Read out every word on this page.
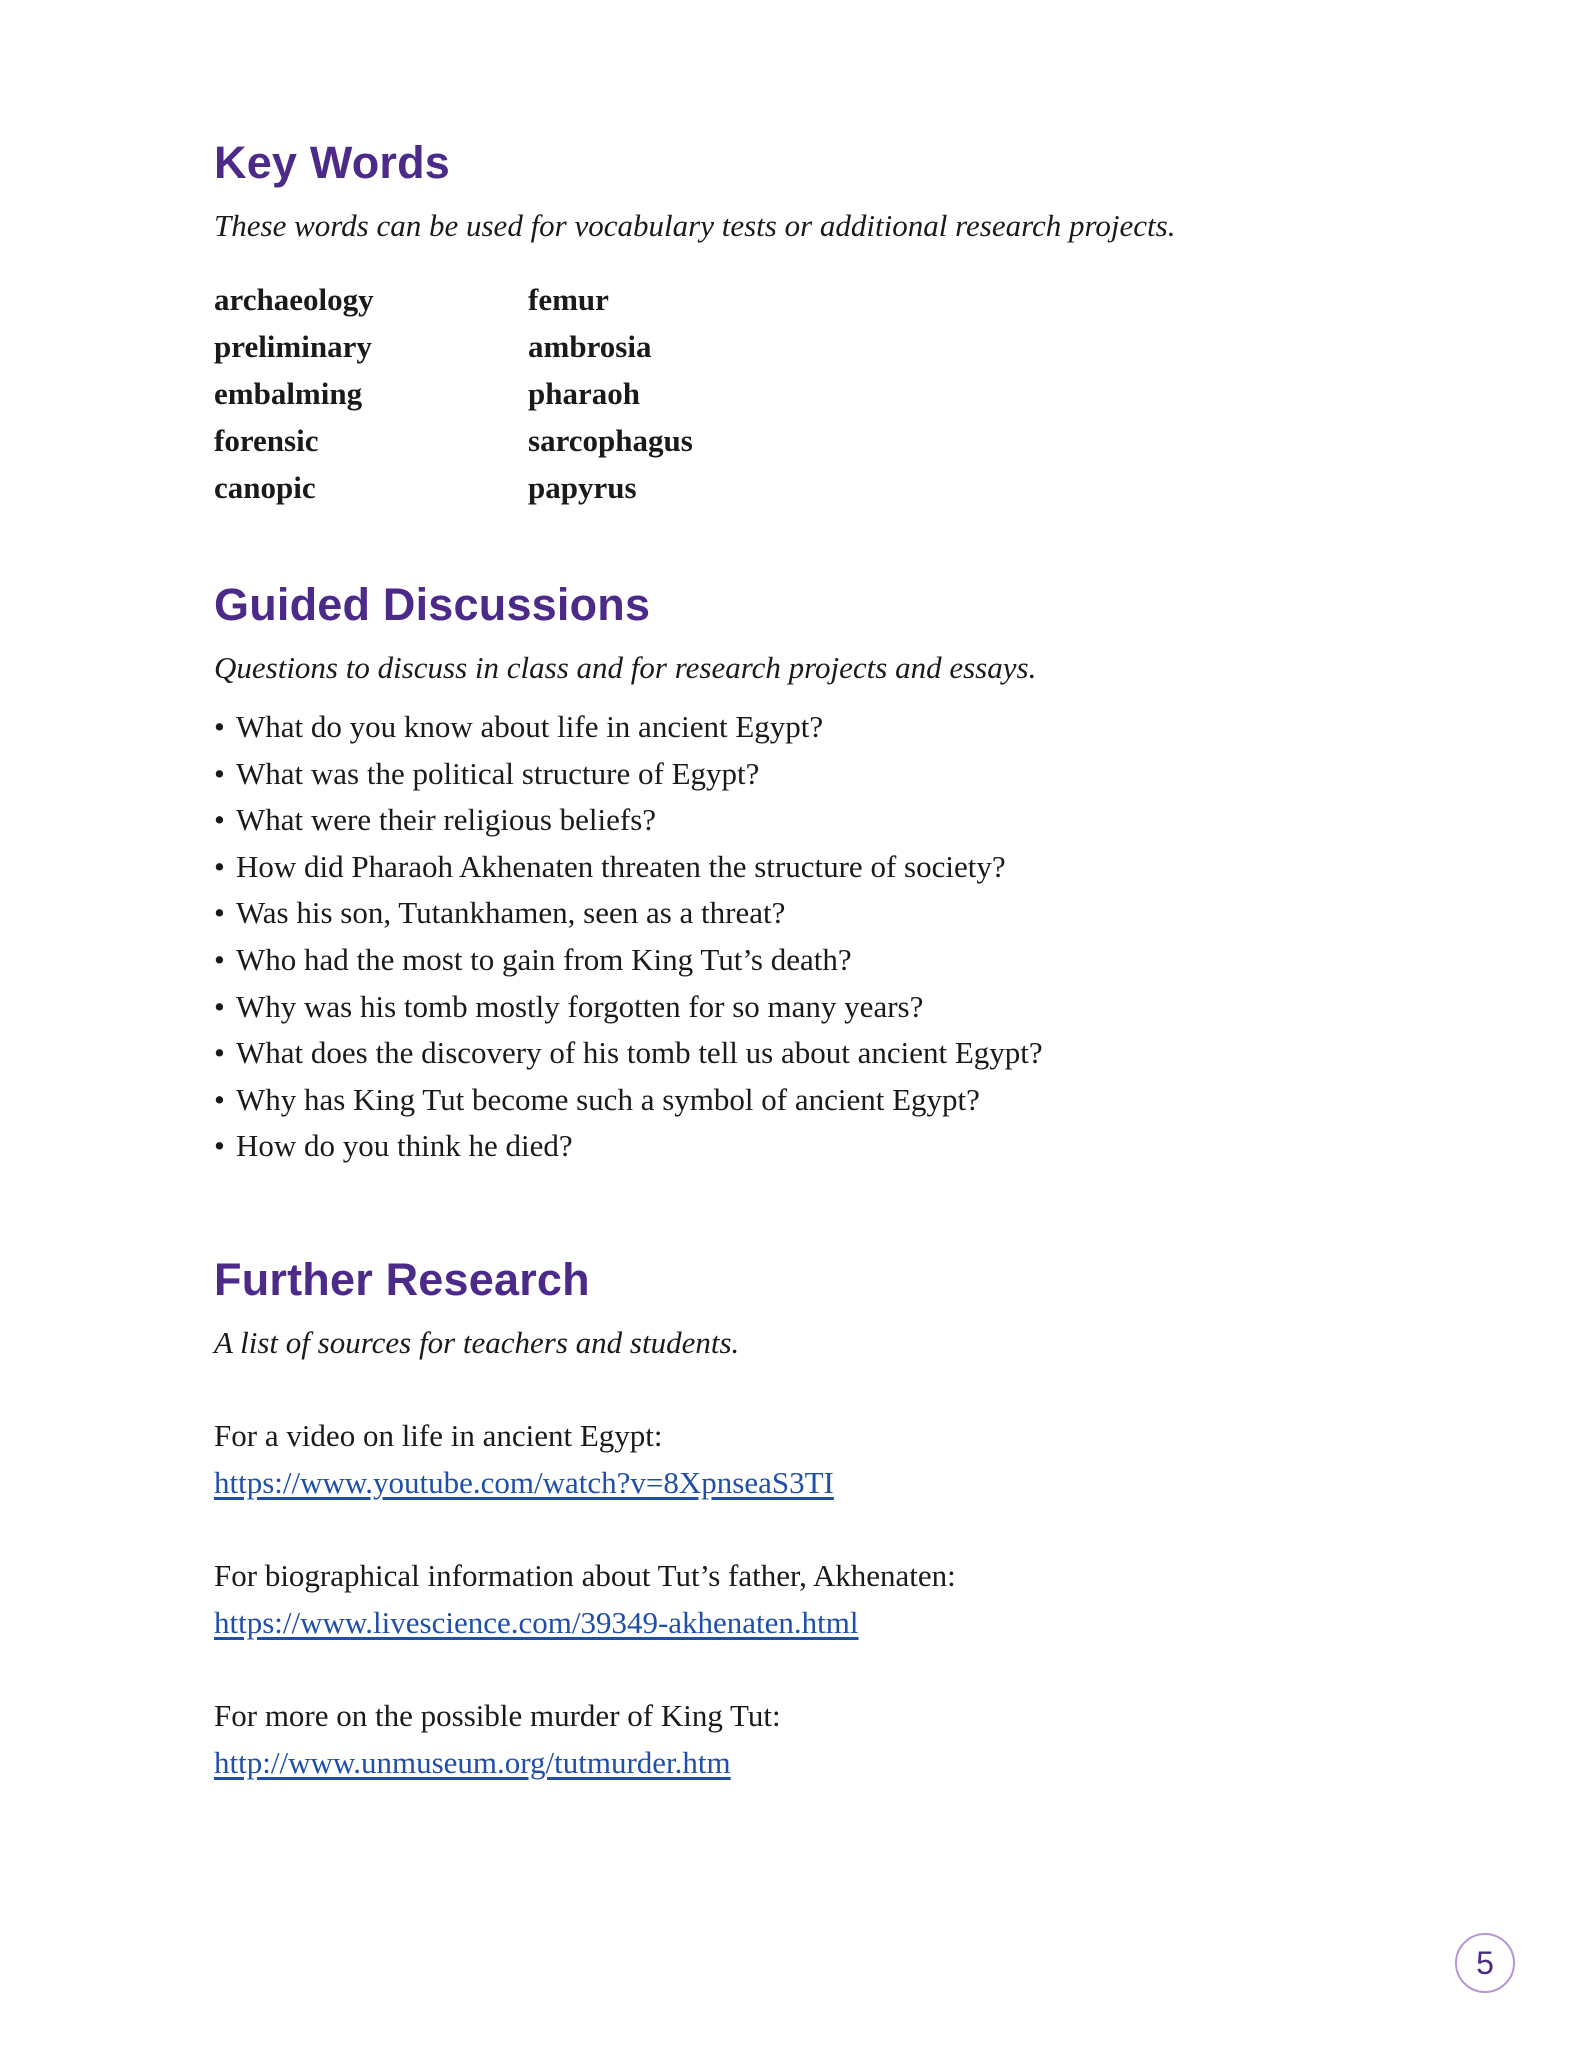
Key Words

These words can be used for vocabulary tests or additional research projects.

archaeology
preliminary
embalming
forensic
canopic
femur
ambrosia
pharaoh
sarcophagus
papyrus
Guided Discussions

Questions to discuss in class and for research projects and essays.

• What do you know about life in ancient Egypt?
• What was the political structure of Egypt?
• What were their religious beliefs?
• How did Pharaoh Akhenaten threaten the structure of society?
• Was his son, Tutankhamen, seen as a threat?
• Who had the most to gain from King Tut’s death?
• Why was his tomb mostly forgotten for so many years?
• What does the discovery of his tomb tell us about ancient Egypt?
• Why has King Tut become such a symbol of ancient Egypt?
• How do you think he died?
Further Research

A list of sources for teachers and students.

For a video on life in ancient Egypt:

https://www.youtube.com/watch?v=8XpnseaS3TI

For biographical information about Tut’s father, Akhenaten:

https://www.livescience.com/39349-akhenaten.html

For more on the possible murder of King Tut:

http://www.unmuseum.org/tutmurder.htm
5
